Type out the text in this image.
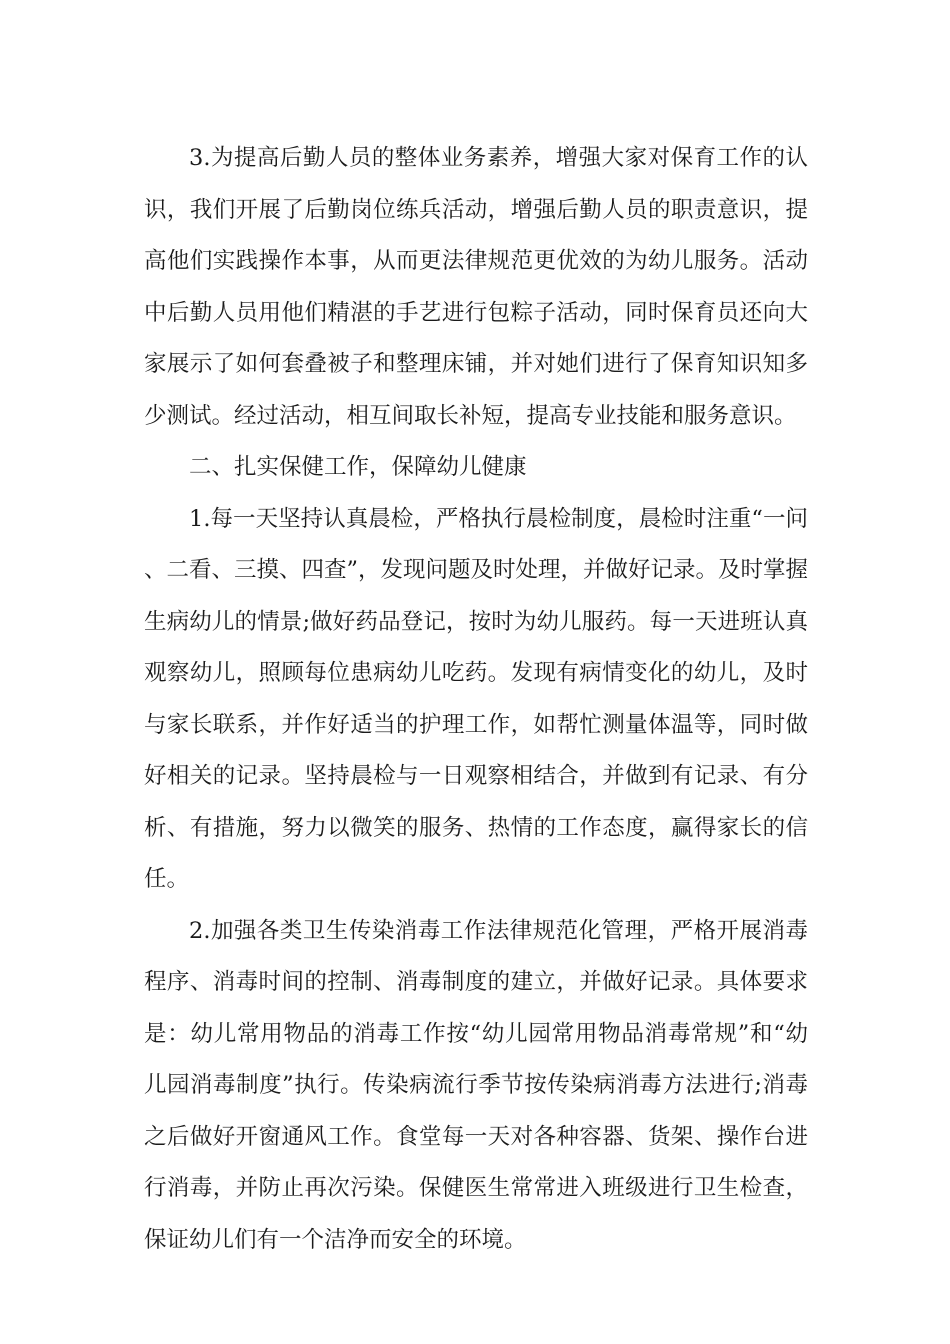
3.为提高后勤人员的整体业务素养，增强大家对保育工作的认识，我们开展了后勤岗位练兵活动，增强后勤人员的职责意识，提高他们实践操作本事，从而更法律规范更优效的为幼儿服务。活动中后勤人员用他们精湛的手艺进行包粽子活动，同时保育员还向大家展示了如何套叠被子和整理床铺，并对她们进行了保育知识知多少测试。经过活动，相互间取长补短，提高专业技能和服务意识。

二、扎实保健工作，保障幼儿健康

1.每一天坚持认真晨检，严格执行晨检制度，晨检时注重“一问、二看、三摸、四查”，发现问题及时处理，并做好记录。及时掌握生病幼儿的情景;做好药品登记，按时为幼儿服药。每一天进班认真观察幼儿，照顾每位患病幼儿吃药。发现有病情变化的幼儿，及时与家长联系，并作好适当的护理工作，如帮忙测量体温等，同时做好相关的记录。坚持晨检与一日观察相结合，并做到有记录、有分析、有措施，努力以微笑的服务、热情的工作态度，赢得家长的信任。

2.加强各类卫生传染消毒工作法律规范化管理，严格开展消毒程序、消毒时间的控制、消毒制度的建立，并做好记录。具体要求是：幼儿常用物品的消毒工作按“幼儿园常用物品消毒常规”和“幼儿园消毒制度”执行。传染病流行季节按传染病消毒方法进行;消毒之后做好开窗通风工作。食堂每一天对各种容器、货架、操作台进行消毒，并防止再次污染。保健医生常常进入班级进行卫生检查，保证幼儿们有一个洁净而安全的环境。
